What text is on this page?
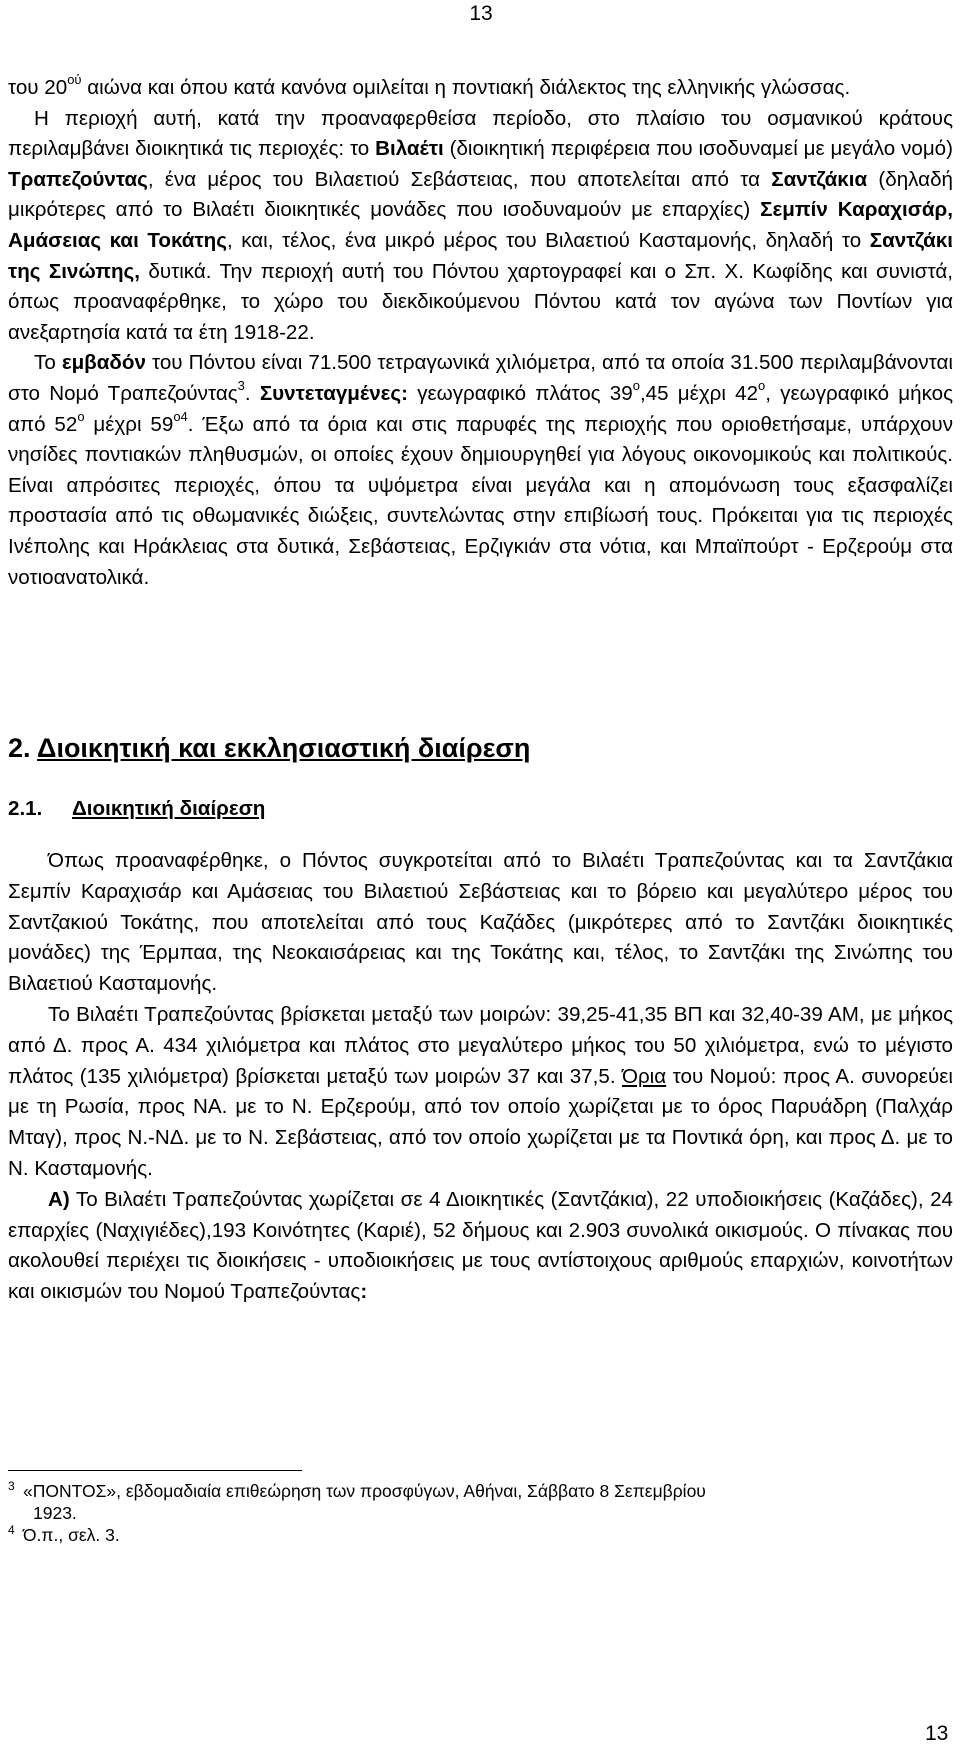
13

του $20^{oύ}$ αιώνα και όπου κατά κανόνα ομιλείται η ποντιακή διάλεκτος της ελληνικής γλώσσας.

Η περιοχή αυτή, κατά την προαναφερθείσα περίοδο, στο πλαίσιο του οσμανικού κράτους περιλαμβάνει διοικητικά τις περιοχές: το Βιλαέτι (διοικητική περιφέρεια που ισοδυναμεί με μεγάλο νομό) Τραπεζούντας, ένα μέρος του Βιλαετιού Σεβάστειας, που αποτελείται από τα Σαντζάκια (δηλαδή μικρότερες από το Βιλαέτι διοικητικές μονάδες που ισοδυναμούν με επαρχίες) Σεμπίν Καραχισάρ, Αμάσειας και Τοκάτης, και, τέλος, ένα μικρό μέρος του Βιλαετιού Κασταμονής, δηλαδή το Σαντζάκι της Σινώπης, δυτικά. Την περιοχή αυτή του Πόντου χαρτογραφεί και ο Σπ. Χ. Κωφίδης και συνιστά, όπως προαναφέρθηκε, το χώρο του διεκδικούμενου Πόντου κατά τον αγώνα των Ποντίων για ανεξαρτησία κατά τα έτη 1918-22.

Το εμβαδόν του Πόντου είναι 71.500 τετραγωνικά χιλιόμετρα, από τα οποία 31.500 περιλαμβάνονται στο Νομό Τραπεζούντας$^3$. Συντεταγμένες: γεωγραφικό πλάτος $39^o,45$ μέχρι $42^o$, γεωγραφικό μήκος από $52^o$ μέχρι $59^{o4}$. Έξω από τα όρια και στις παρυφές της περιοχής που οριοθετήσαμε, υπάρχουν νησίδες ποντιακών πληθυσμών, οι οποίες έχουν δημιουργηθεί για λόγους οικονομικούς και πολιτικούς. Είναι απρόσιτες περιοχές, όπου τα υψόμετρα είναι μεγάλα και η απομόνωση τους εξασφαλίζει προστασία από τις οθωμανικές διώξεις, συντελώντας στην επιβίωσή τους. Πρόκειται για τις περιοχές Ινέπολης και Ηράκλειας στα δυτικά, Σεβάστειας, Ερζιγκιάν στα νότια, και Μπαϊπούρτ - Ερζερούμ στα νοτιοανατολικά.

2. Διοικητική και εκκλησιαστική διαίρεση
2.1. Διοικητική διαίρεση

Όπως προαναφέρθηκε, ο Πόντος συγκροτείται από το Βιλαέτι Τραπεζούντας και τα Σαντζάκια Σεμπίν Καραχισάρ και Αμάσειας του Βιλαετιού Σεβάστειας και το βόρειο και μεγαλύτερο μέρος του Σαντζακιού Τοκάτης, που αποτελείται από τους Καζάδες (μικρότερες από το Σαντζάκι διοικητικές μονάδες) της Έρμπαα, της Νεοκαισάρειας και της Τοκάτης και, τέλος, το Σαντζάκι της Σινώπης του Βιλαετιού Κασταμονής.

Το Βιλαέτι Τραπεζούντας βρίσκεται μεταξύ των μοιρών: 39,25-41,35 ΒΠ και 32,40-39 ΑΜ, με μήκος από Δ. προς Α. 434 χιλιόμετρα και πλάτος στο μεγαλύτερο μήκος του 50 χιλιόμετρα, ενώ το μέγιστο πλάτος (135 χιλιόμετρα) βρίσκεται μεταξύ των μοιρών 37 και 37,5. Όρια του Νομού: προς Α. συνορεύει με τη Ρωσία, προς ΝΑ. με το Ν. Ερζερούμ, από τον οποίο χωρίζεται με το όρος Παρυάδρη (Παλχάρ Μταγ), προς Ν.-ΝΔ. με το Ν. Σεβάστειας, από τον οποίο χωρίζεται με τα Ποντικά όρη, και προς Δ. με το Ν. Κασταμονής.

Α) Το Βιλαέτι Τραπεζούντας χωρίζεται σε 4 Διοικητικές (Σαντζάκια), 22 υποδιοικήσεις (Καζάδες), 24 επαρχίες (Ναχιγιέδες),193 Κοινότητες (Καριέ), 52 δήμους και 2.903 συνολικά οικισμούς. Ο πίνακας που ακολουθεί περιέχει τις διοικήσεις - υποδιοικήσεις με τους αντίστοιχους αριθμούς επαρχιών, κοινοτήτων και οικισμών του Νομού Τραπεζούντας:

3 «ΠΟΝΤΟΣ», εβδομαδιαία επιθεώρηση των προσφύγων, Αθήναι, Σάββατο 8 Σεπεμβρίου
1923.
4 Ό.π., σελ. 3.
13
